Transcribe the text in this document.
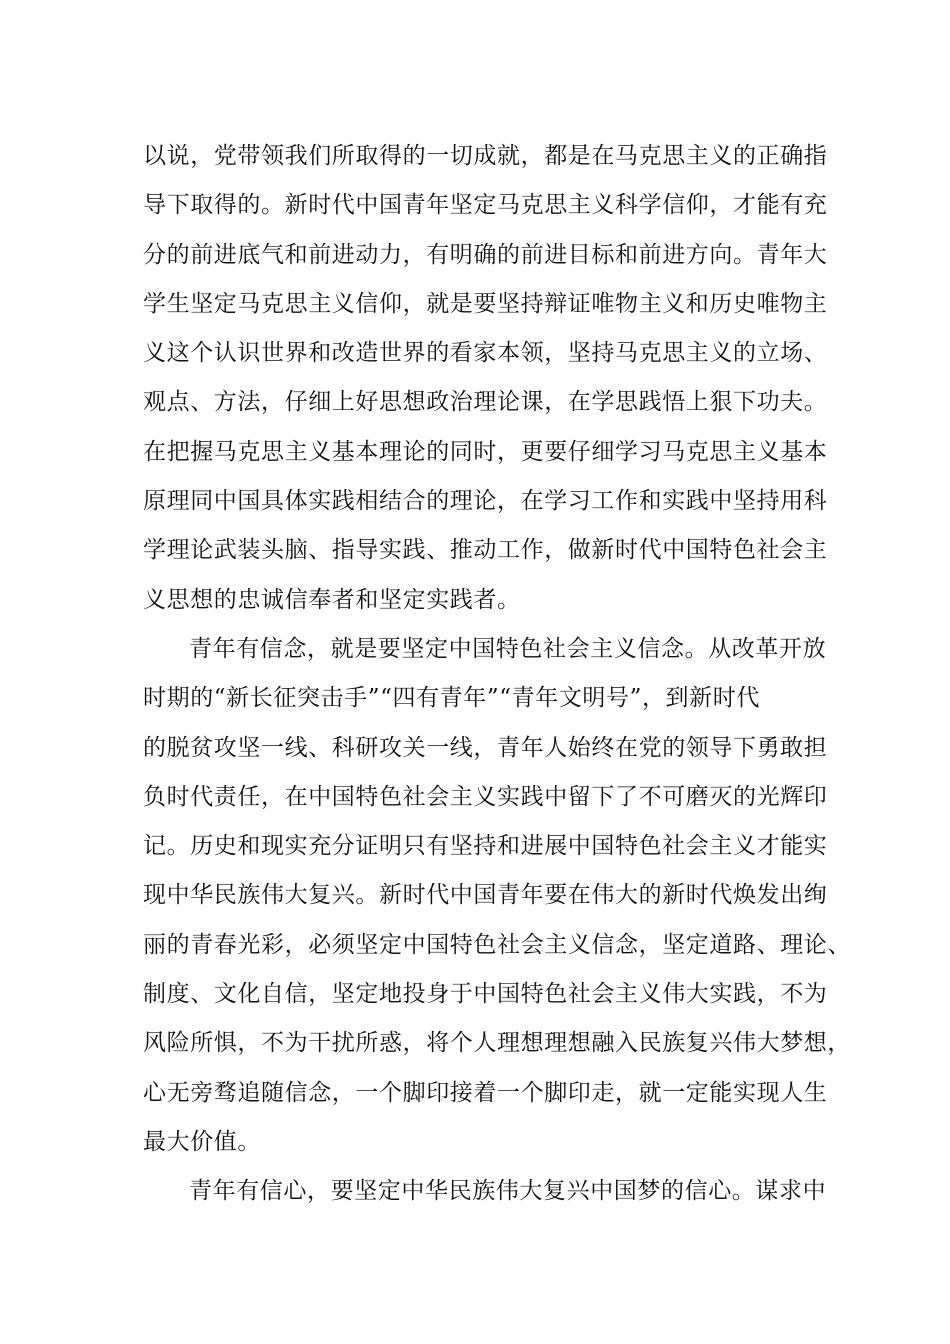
以说，党带领我们所取得的一切成就，都是在马克思主义的正确指
导下取得的。新时代中国青年坚定马克思主义科学信仰，才能有充
分的前进底气和前进动力，有明确的前进目标和前进方向。青年大
学生坚定马克思主义信仰，就是要坚持辩证唯物主义和历史唯物主
义这个认识世界和改造世界的看家本领，坚持马克思主义的立场、
观点、方法，仔细上好思想政治理论课，在学思践悟上狠下功夫。
在把握马克思主义基本理论的同时，更要仔细学习马克思主义基本
原理同中国具体实践相结合的理论，在学习工作和实践中坚持用科
学理论武装头脑、指导实践、推动工作，做新时代中国特色社会主
义思想的忠诚信奉者和坚定实践者。
青年有信念，就是要坚定中国特色社会主义信念。从改革开放
时期的“新长征突击手”“四有青年”“青年文明号”，到新时代
的脱贫攻坚一线、科研攻关一线，青年人始终在党的领导下勇敢担
负时代责任，在中国特色社会主义实践中留下了不可磨灭的光辉印
记。历史和现实充分证明只有坚持和进展中国特色社会主义才能实
现中华民族伟大复兴。新时代中国青年要在伟大的新时代焕发出绚
丽的青春光彩，必须坚定中国特色社会主义信念，坚定道路、理论、
制度、文化自信，坚定地投身于中国特色社会主义伟大实践，不为
风险所惧，不为干扰所惑，将个人理想理想融入民族复兴伟大梦想，
心无旁骛追随信念，一个脚印接着一个脚印走，就一定能实现人生
最大价值。
青年有信心，要坚定中华民族伟大复兴中国梦的信心。谋求中
